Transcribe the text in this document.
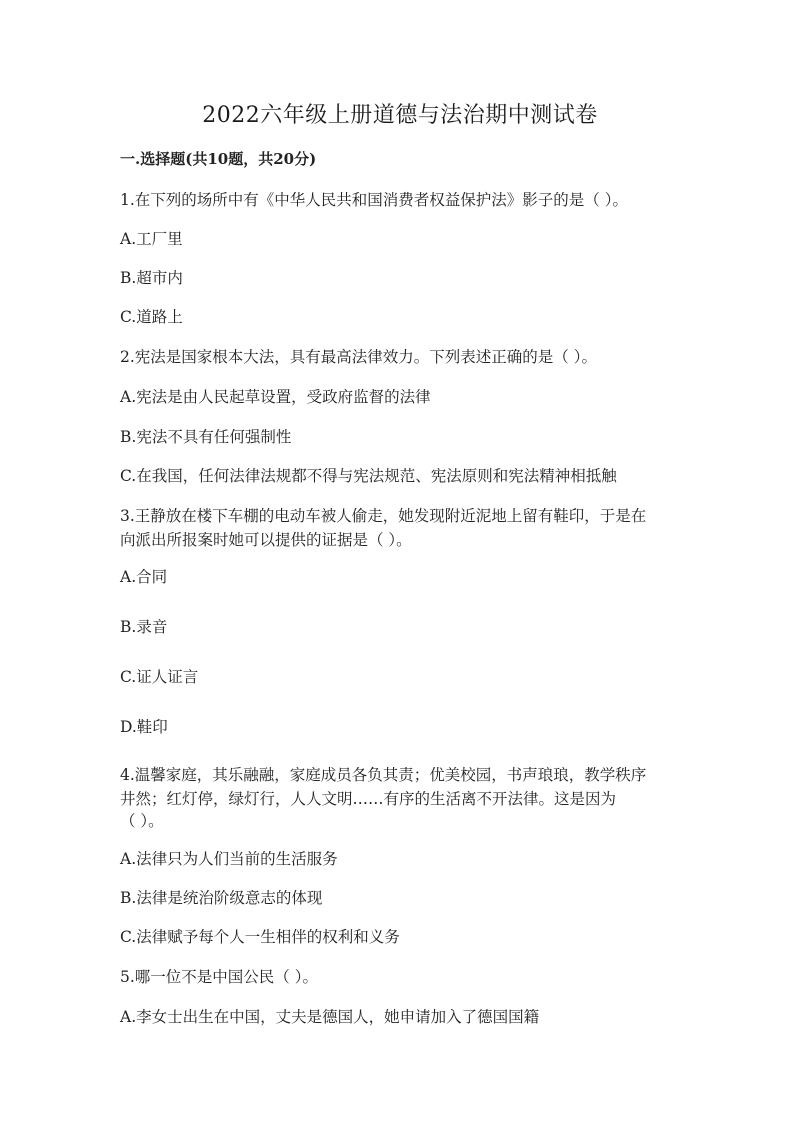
2022六年级上册道德与法治期中测试卷
一.选择题(共10题，共20分)
1.在下列的场所中有《中华人民共和国消费者权益保护法》影子的是（ ）。
A.工厂里
B.超市内
C.道路上
2.宪法是国家根本大法，具有最高法律效力。下列表述正确的是（ ）。
A.宪法是由人民起草设置，受政府监督的法律
B.宪法不具有任何强制性
C.在我国，任何法律法规都不得与宪法规范、宪法原则和宪法精神相抵触
3.王静放在楼下车棚的电动车被人偷走，她发现附近泥地上留有鞋印，于是在
向派出所报案时她可以提供的证据是（ ）。
A.合同
B.录音
C.证人证言
D.鞋印
4.温馨家庭，其乐融融，家庭成员各负其责；优美校园，书声琅琅，教学秩序
井然；红灯停，绿灯行，人人文明……有序的生活离不开法律。这是因为
（ ）。
A.法律只为人们当前的生活服务
B.法律是统治阶级意志的体现
C.法律赋予每个人一生相伴的权利和义务
5.哪一位不是中国公民（ ）。
A.李女士出生在中国，丈夫是德国人，她申请加入了德国国籍
